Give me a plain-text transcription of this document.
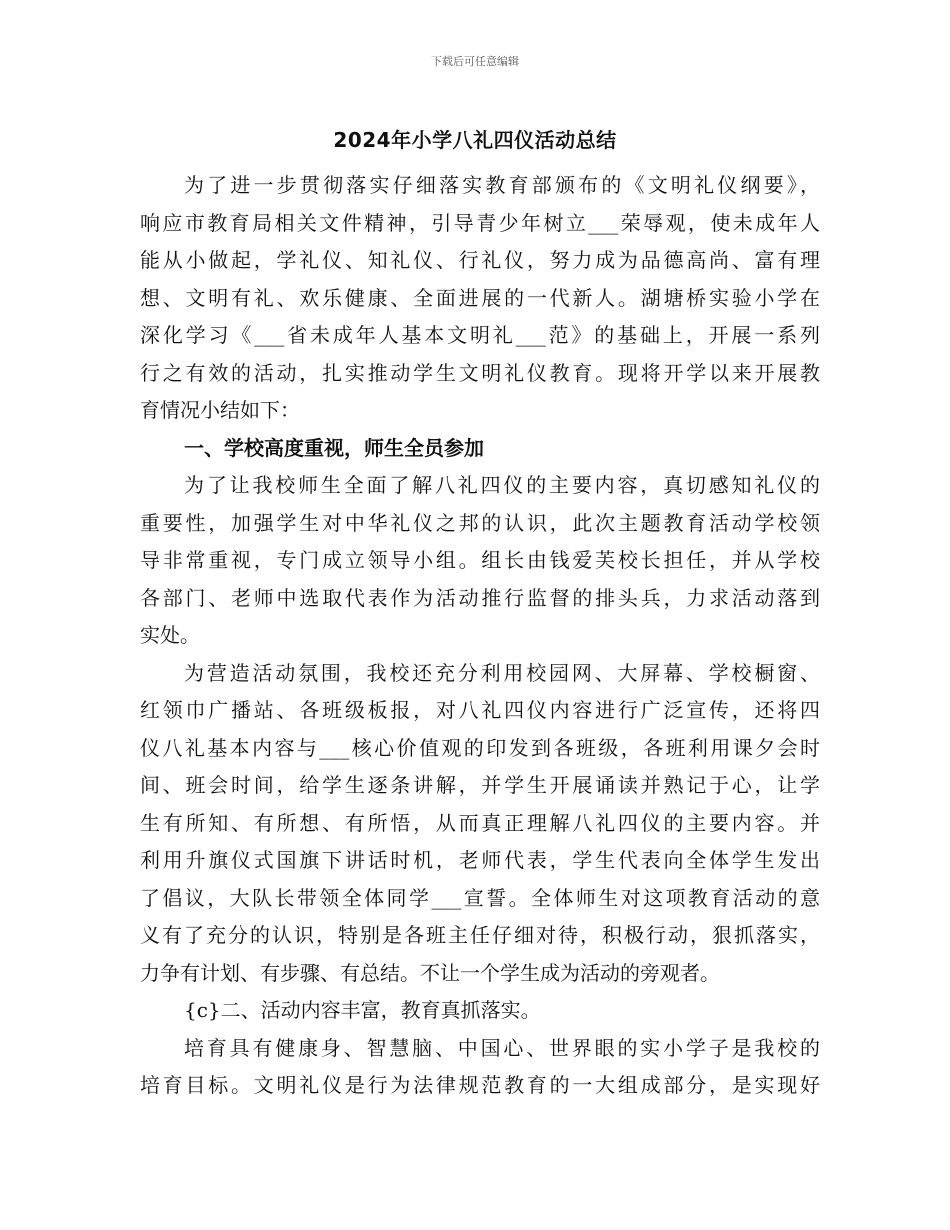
下载后可任意编辑
2024年小学八礼四仪活动总结
为了进一步贯彻落实仔细落实教育部颁布的《文明礼仪纲要》，
响应市教育局相关文件精神，引导青少年树立___荣辱观，使未成年人
能从小做起，学礼仪、知礼仪、行礼仪，努力成为品德高尚、富有理
想、文明有礼、欢乐健康、全面进展的一代新人。湖塘桥实验小学在
深化学习《___省未成年人基本文明礼___范》的基础上，开展一系列
行之有效的活动，扎实推动学生文明礼仪教育。现将开学以来开展教
育情况小结如下：
一、学校高度重视，师生全员参加
为了让我校师生全面了解八礼四仪的主要内容，真切感知礼仪的
重要性，加强学生对中华礼仪之邦的认识，此次主题教育活动学校领
导非常重视，专门成立领导小组。组长由钱爱芙校长担任，并从学校
各部门、老师中选取代表作为活动推行监督的排头兵，力求活动落到
实处。
为营造活动氛围，我校还充分利用校园网、大屏幕、学校橱窗、
红领巾广播站、各班级板报，对八礼四仪内容进行广泛宣传，还将四
仪八礼基本内容与___核心价值观的印发到各班级，各班利用课夕会时
间、班会时间，给学生逐条讲解，并学生开展诵读并熟记于心，让学
生有所知、有所想、有所悟，从而真正理解八礼四仪的主要内容。并
利用升旗仪式国旗下讲话时机，老师代表，学生代表向全体学生发出
了倡议，大队长带领全体同学___宣誓。全体师生对这项教育活动的意
义有了充分的认识，特别是各班主任仔细对待，积极行动，狠抓落实，
力争有计划、有步骤、有总结。不让一个学生成为活动的旁观者。
{c}二、活动内容丰富，教育真抓落实。
培育具有健康身、智慧脑、中国心、世界眼的实小学子是我校的
培育目标。文明礼仪是行为法律规范教育的一大组成部分，是实现好
